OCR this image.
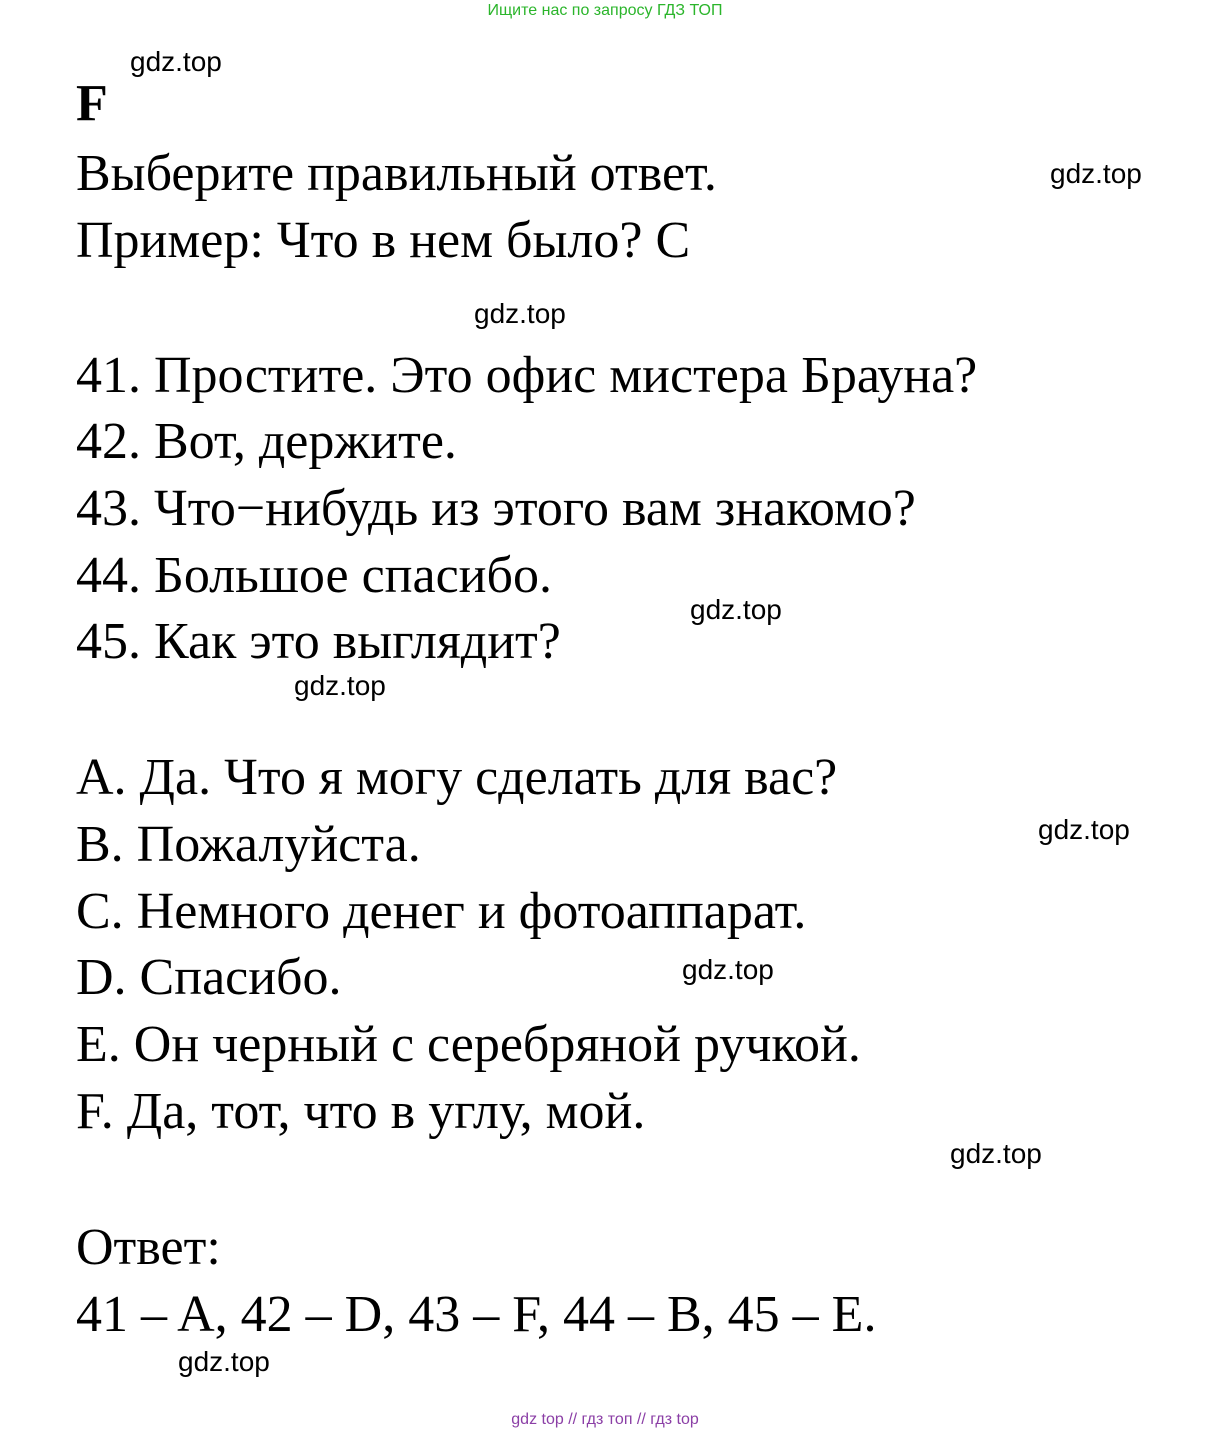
Ищите нас по запросу ГДЗ ТОП
gdz.top
gdz.top
gdz.top
gdz.top
gdz.top
gdz.top
gdz.top
gdz.top
gdz.top
F
Выберите правильный ответ.
Пример: Что в нем было? С
41. Простите. Это офис мистера Брауна?
42. Вот, держите.
43. Что−нибудь из этого вам знакомо?
44. Большое спасибо.
45. Как это выглядит?
A. Да. Что я могу сделать для вас?
B. Пожалуйста.
C. Немного денег и фотоаппарат.
D. Спасибо.
E. Он черный с серебряной ручкой.
F. Да, тот, что в углу, мой.
Ответ:
41 – A, 42 – D, 43 – F, 44 – B, 45 – E.
gdz top // гдз топ // гдз top
